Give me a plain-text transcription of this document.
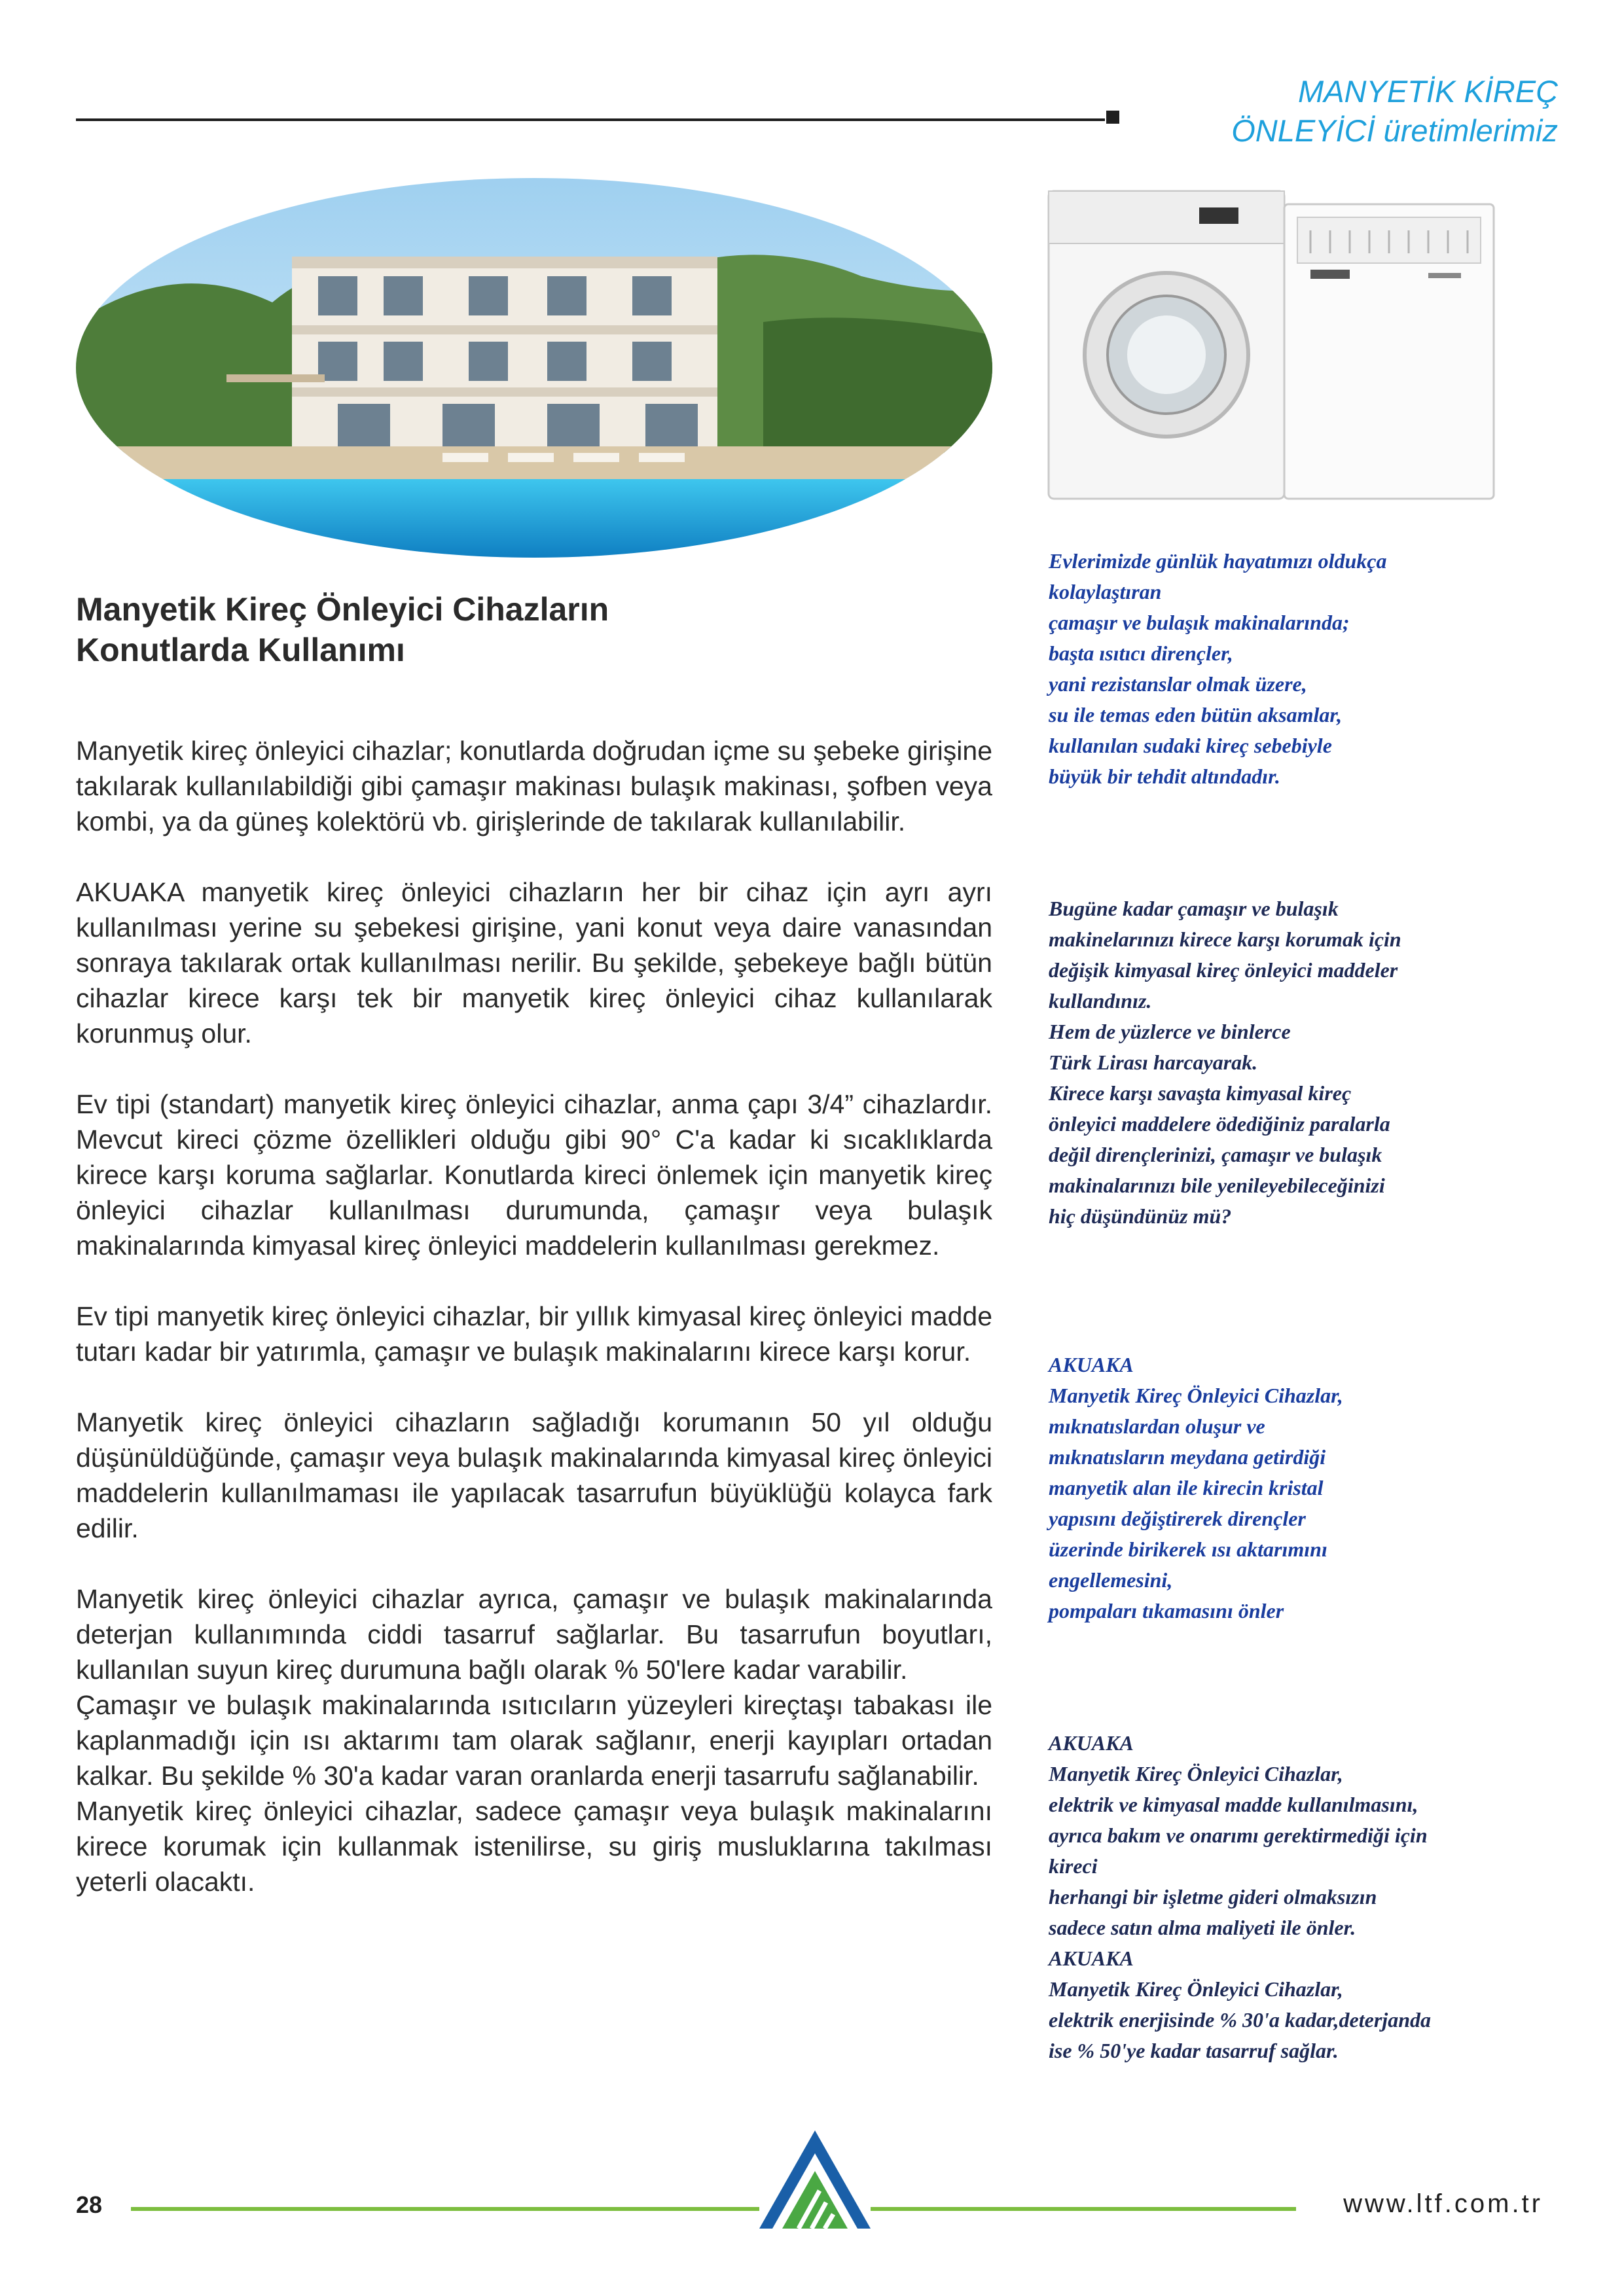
MANYETİK KİREÇ
ÖNLEYİCİ üretimlerimiz
Manyetik Kireç Önleyici Cihazların
Konutlarda Kullanımı

Manyetik kireç önleyici cihazlar; konutlarda doğrudan içme su şebeke girişine takılarak kullanılabildiği gibi çamaşır makinası bulaşık makinası, şofben veya kombi, ya da güneş kolektörü vb. girişlerinde de takılarak kullanılabilir.

AKUAKA manyetik kireç önleyici cihazların her bir cihaz için ayrı ayrı kullanılması yerine su şebekesi girişine, yani konut veya daire vanasından sonraya takılarak ortak kullanılması nerilir. Bu şekilde, şebekeye bağlı bütün cihazlar kirece karşı tek bir manyetik kireç önleyici cihaz kullanılarak korunmuş olur.

Ev tipi (standart) manyetik kireç önleyici cihazlar, anma çapı 3/4” cihazlardır. Mevcut kireci çözme özellikleri olduğu gibi 90° C'a kadar ki sıcaklıklarda kirece karşı koruma sağlarlar. Konutlarda kireci önlemek için manyetik kireç önleyici cihazlar kullanılması durumunda, çamaşır veya bulaşık makinalarında kimyasal kireç önleyici maddelerin kullanılması gerekmez.

Ev tipi manyetik kireç önleyici cihazlar, bir yıllık kimyasal kireç önleyici madde tutarı kadar bir yatırımla, çamaşır ve bulaşık makinalarını kirece karşı korur.

Manyetik kireç önleyici cihazların sağladığı korumanın 50 yıl olduğu düşünüldüğünde, çamaşır veya bulaşık makinalarında kimyasal kireç önleyici maddelerin kullanılmaması ile yapılacak tasarrufun büyüklüğü kolayca fark edilir.

Manyetik kireç önleyici cihazlar ayrıca, çamaşır ve bulaşık makinalarında deterjan kullanımında ciddi tasarruf sağlarlar. Bu tasarrufun boyutları, kullanılan suyun kireç durumuna bağlı olarak % 50'lere kadar varabilir.

Çamaşır ve bulaşık makinalarında ısıtıcıların yüzeyleri kireçtaşı tabakası ile kaplanmadığı için ısı aktarımı tam olarak sağlanır, enerji kayıpları ortadan kalkar. Bu şekilde % 30'a kadar varan oranlarda enerji tasarrufu sağlanabilir.

Manyetik kireç önleyici cihazlar, sadece çamaşır veya bulaşık makinalarını kirece korumak için kullanmak istenilirse, su giriş musluklarına takılması yeterli olacaktı.

Evlerimizde günlük hayatımızı oldukça
kolaylaştıran
çamaşır ve bulaşık makinalarında;
başta ısıtıcı dirençler,
yani rezistanslar olmak üzere,
su ile temas eden bütün aksamlar,
kullanılan sudaki kireç sebebiyle
büyük bir tehdit altındadır.
Bugüne kadar çamaşır ve bulaşık
makinelarınızı kirece karşı korumak için
değişik kimyasal kireç önleyici maddeler
kullandınız.
Hem de yüzlerce ve binlerce
Türk Lirası harcayarak.
Kirece karşı savaşta kimyasal kireç
önleyici maddelere ödediğiniz paralarla
değil dirençlerinizi, çamaşır ve bulaşık
makinalarınızı bile yenileyebileceğinizi
hiç düşündünüz mü?
AKUAKA
Manyetik Kireç Önleyici Cihazlar,
mıknatıslardan oluşur ve
mıknatısların meydana getirdiği
manyetik alan ile kirecin kristal
yapısını değiştirerek dirençler
üzerinde birikerek ısı aktarımını
engellemesini,
pompaları tıkamasını önler
AKUAKA
Manyetik Kireç Önleyici Cihazlar,
elektrik ve kimyasal madde kullanılmasını,
ayrıca bakım ve onarımı gerektirmediği için
kireci
herhangi bir işletme gideri olmaksızın
sadece satın alma maliyeti ile önler.
AKUAKA
Manyetik Kireç Önleyici Cihazlar,
elektrik enerjisinde % 30'a kadar,deterjanda
ise % 50'ye kadar tasarruf sağlar.
28	www.ltf.com.tr
